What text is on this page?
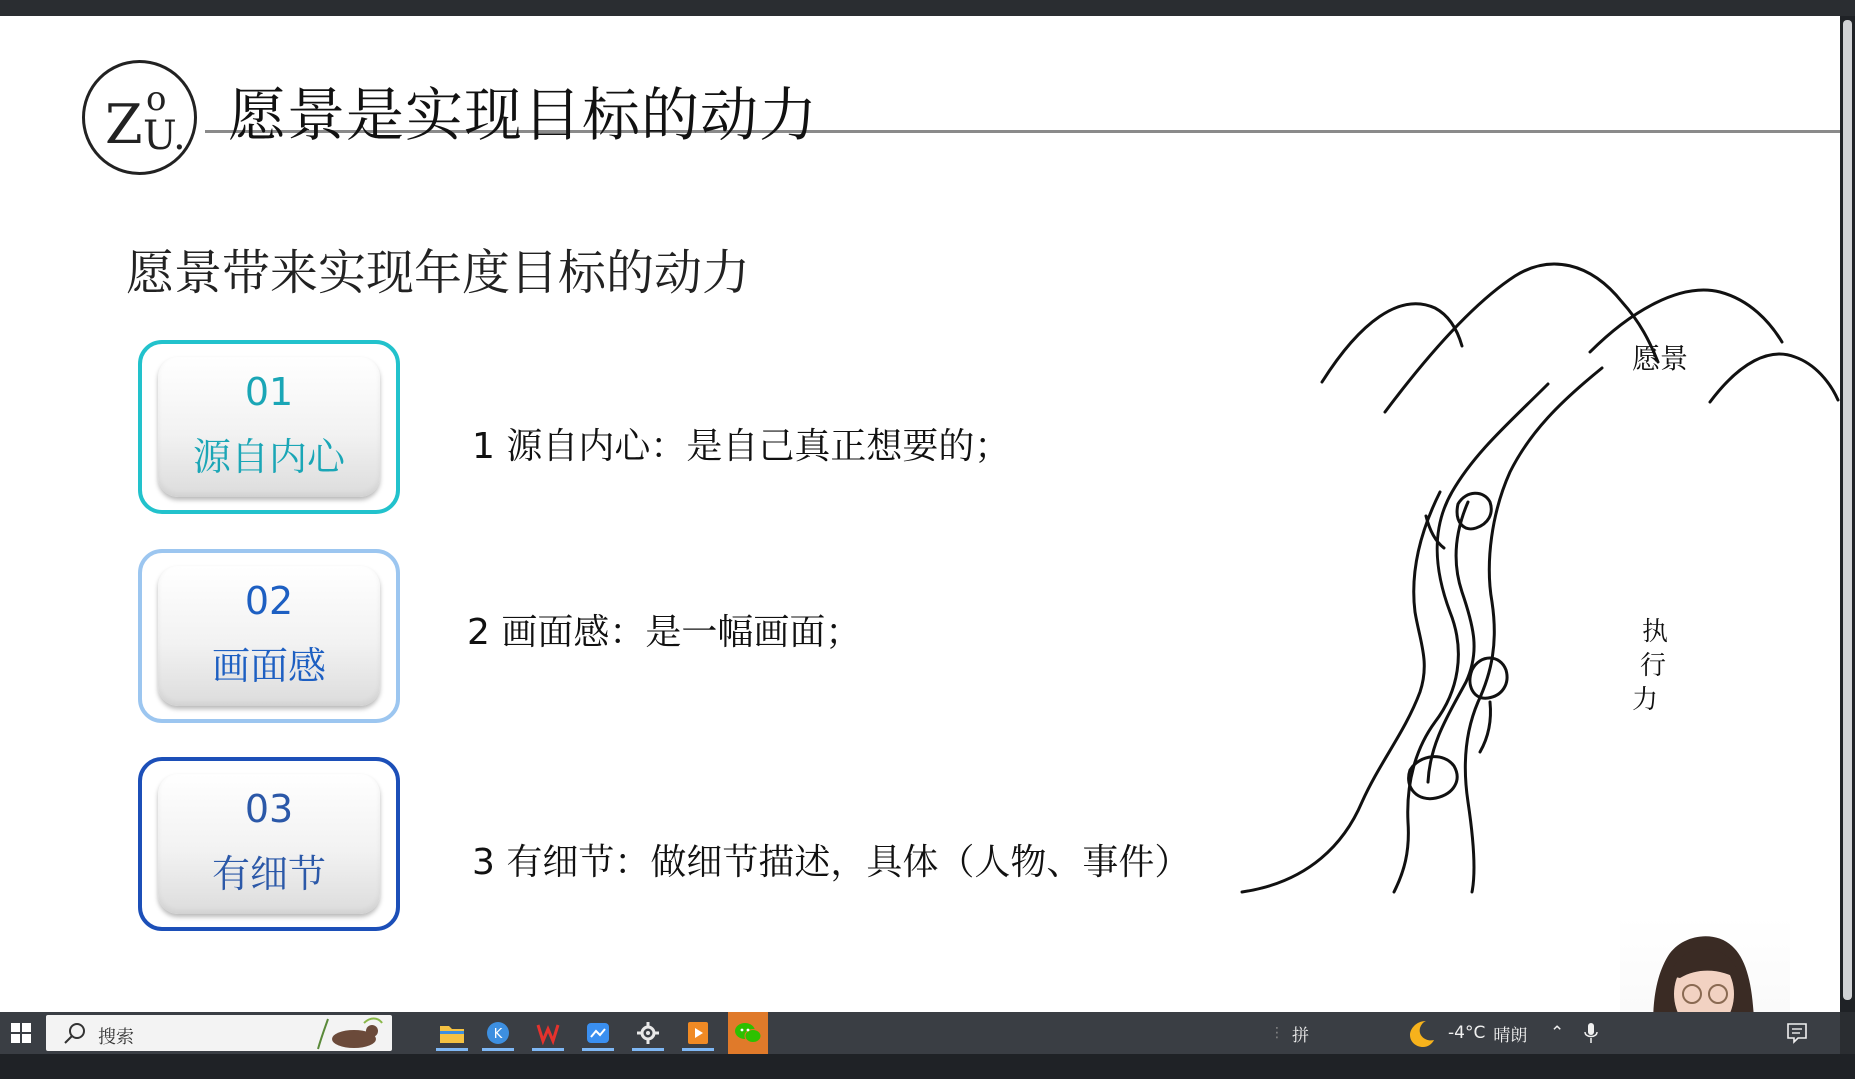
Z o
U. 愿景是实现目标的动力
愿景带来实现年度目标的动力
01
源自内心
02
画面感
03
有细节
1 源自内心：是自己真正想要的；
2 画面感：是一幅画面；
3 有细节：做细节描述，具体（人物、事件）
愿景
执
行
力
搜索	K	⋮ 拼	-4°C 晴朗 ⌃
